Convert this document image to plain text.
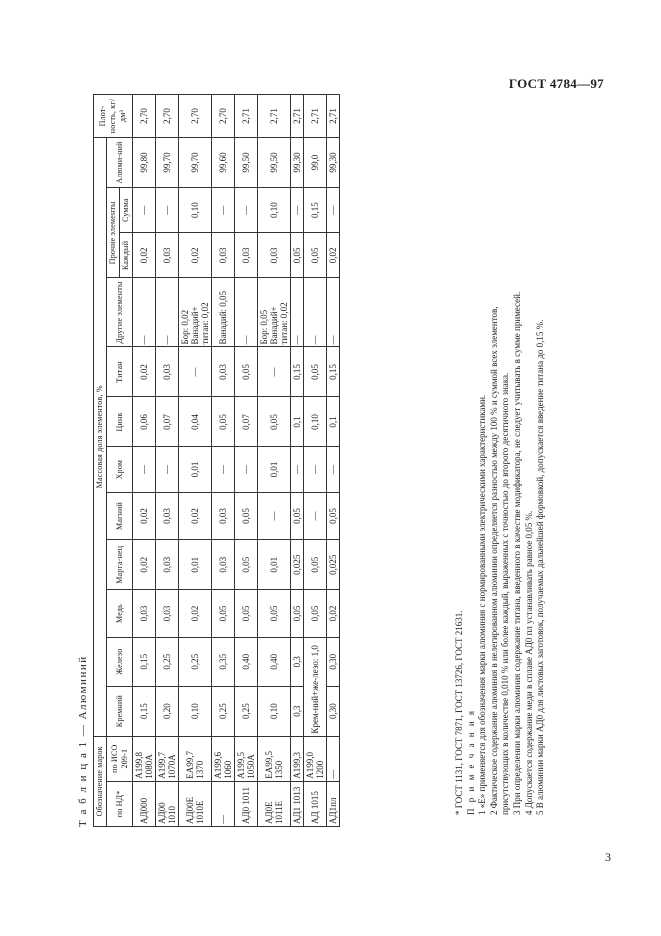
ГОСТ 4784—97
Т а б л и ц а 1 — Алюминий Обозначение марок		Массовая доля элементов, %												Плот-ность, кг/дм³
по НД*	по ИСО 209-1	Кремний	Железо	Медь	Марга-нец	Магний	Хром	Цинк	Титан	Другие элементы	Прочие элементы		Алюми-ний	
											Каждый	Сумма		
АД000	А199,8 1080А	0,15	0,15	0,03	0,02	0,02	—	0,06	0,02	—	0,02	—	99,80	2,70
АД00 1010	А199,7 1070А	0,20	0,25	0,03	0,03	0,03	—	0,07	0,03	—	0,03	—	99,70	2,70
АД00Е 1010Е	ЕА99,7 1370	0,10	0,25	0,02	0,01	0,02	0,01	0,04	—	Бор: 0,02 Ванадий+ титан: 0,02	0,02	0,10	99,70	2,70
—	А199,6 1060	0,25	0,35	0,05	0,03	0,03	—	0,05	0,03	Ванадий: 0,05	0,03	—	99,60	2,70
АД0 1011	А199,5 1050А	0,25	0,40	0,05	0,05	0,05	—	0,07	0,05	—	0,03	—	99,50	2,71
АД0Е 1011Е	ЕА99,5 1350	0,10	0,40	0,05	0,01	—	0,01	0,05	—	Бор: 0,05 Ванадий+ титан: 0,02	0,03	0,10	99,50	2,71
АД1 1013	А199,3	0,3	0,3	0,05	0,025	0,05	—	0,1	0,15	—	0,05	—	99,30	2,71
АД 1015	А199,0 1200	Крем-ний+же-лезо: 1,0		0,05	0,05	—	—	0,10	0,05	—	0,05	0,15	99,0	2,71
АД1пл	—	0,30	0,30	0,02	0,025	0,05	—	0,1	0,15	—	0,02	—	99,30	2,71
* ГОСТ 1131, ГОСТ 7871, ГОСТ 13726, ГОСТ 21631. П р и м е ч а н и я 1 «Е» применяется для обозначения марки алюминия с нормированными электрическими характеристиками. 2 Фактическое содержание алюминия в нелегированном алюминии определяется разностью между 100 % и суммой всех элементов, присутствующих в количестве 0,010 % или более каждый, выраженных с точностью до второго десятичного знака. 3 При определении марки алюминия содержание титана, введенного в качестве модификатора, не следует учитывать в сумме примесей. 4 Допускается содержание меди в сплаве АД0 пл устанавливать равное 0,05 %. 5 В алюминии марки АД0 для листовых заготовок, получаемых дальнейшей формовкой, допускается введение титана до 0,15 %.
3
